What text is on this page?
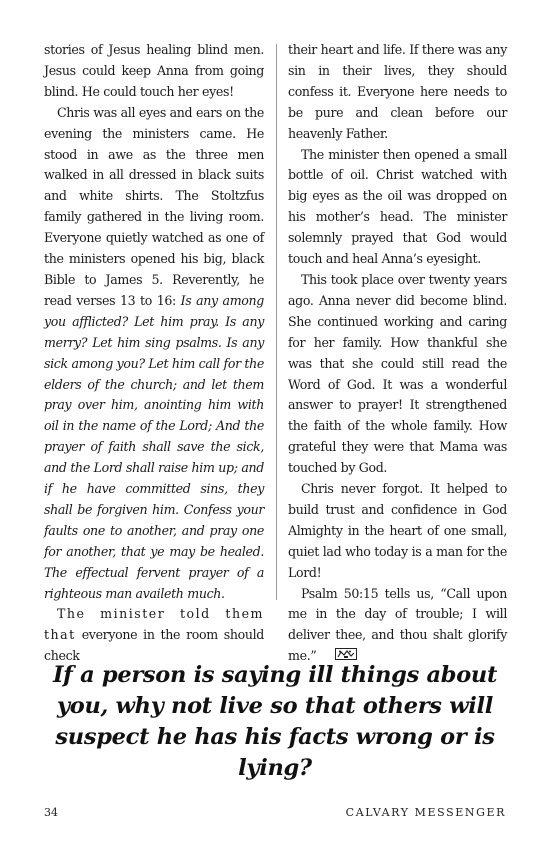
stories of Jesus healing blind men. Jesus could keep Anna from going blind. He could touch her eyes!

Chris was all eyes and ears on the evening the ministers came. He stood in awe as the three men walked in all dressed in black suits and white shirts. The Stoltzfus family gathered in the living room. Everyone quietly watched as one of the ministers opened his big, black Bible to James 5. Reverently, he read verses 13 to 16: Is any among you afflicted? Let him pray. Is any merry? Let him sing psalms. Is any sick among you? Let him call for the elders of the church; and let them pray over him, anointing him with oil in the name of the Lord; And the prayer of faith shall save the sick, and the Lord shall raise him up; and if he have committed sins, they shall be forgiven him. Confess your faults one to another, and pray one for another, that ye may be healed. The effectual fervent prayer of a righteous man availeth much.

The minister told them that everyone in the room should check

their heart and life. If there was any sin in their lives, they should confess it. Everyone here needs to be pure and clean before our heavenly Father.

The minister then opened a small bottle of oil. Christ watched with big eyes as the oil was dropped on his mother’s head. The minister solemnly prayed that God would touch and heal Anna’s eyesight.

This took place over twenty years ago. Anna never did become blind. She continued working and caring for her family. How thankful she was that she could still read the Word of God. It was a wonderful answer to prayer! It strengthened the faith of the whole family. How grateful they were that Mama was touched by God.

Chris never forgot. It helped to build trust and confidence in God Almighty in the heart of one small, quiet lad who today is a man for the Lord!

Psalm 50:15 tells us, “Call upon me in the day of trouble; I will deliver thee, and thou shalt glorify me.”

If a person is saying ill things about you, why not live so that others will suspect he has his facts wrong or is lying?
34	CALVARY MESSENGER
